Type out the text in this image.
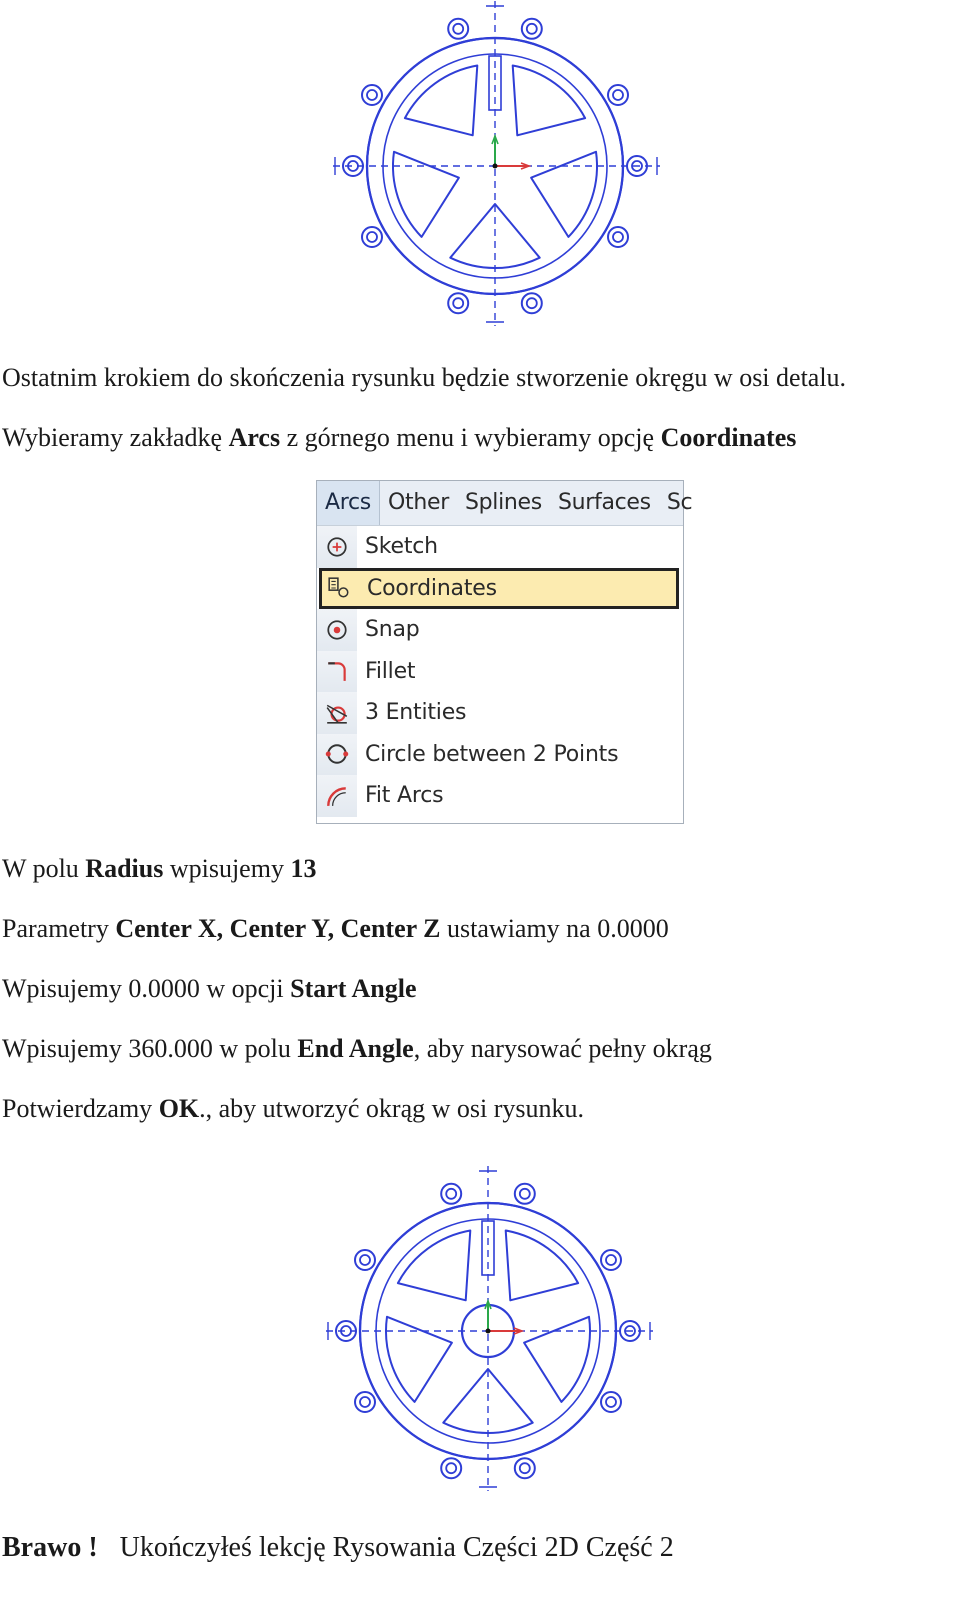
Ostatnim krokiem do skończenia rysunku będzie stworzenie okręgu w osi detalu.

Wybieramy zakładkę Arcs z górnego menu i wybieramy opcję Coordinates

Arcs Other Splines Surfaces Sc
Sketch
Coordinates
Snap
Fillet
3 Entities
Circle between 2 Points
Fit Arcs

W polu Radius wpisujemy 13

Parametry Center X, Center Y, Center Z ustawiamy na 0.0000

Wpisujemy 0.0000 w opcji Start Angle

Wpisujemy 360.000 w polu End Angle, aby narysować pełny okrąg

Potwierdzamy OK., aby utworzyć okrąg w osi rysunku.

Brawo ! Ukończyłeś lekcję Rysowania Części 2D Część 2
